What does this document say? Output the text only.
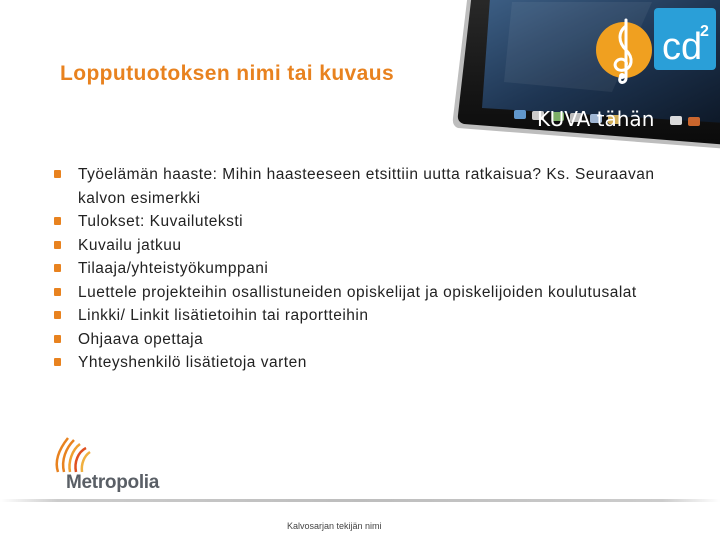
cd
2
Lopputuotoksen nimi tai kuvaus
KUVA tähän
Työelämän haaste: Mihin haasteeseen etsittiin uutta ratkaisua? Ks. Seuraavan kalvon esimerkki
Tulokset: Kuvailuteksti
Kuvailu jatkuu
Tilaaja/yhteistyökumppani
Luettele projekteihin osallistuneiden opiskelijat ja opiskelijoiden koulutusalat
Linkki/ Linkit lisätietoihin tai raportteihin
Ohjaava opettaja
Yhteyshenkilö lisätietoja varten
Metropolia
Kalvosarjan tekijän nimi
